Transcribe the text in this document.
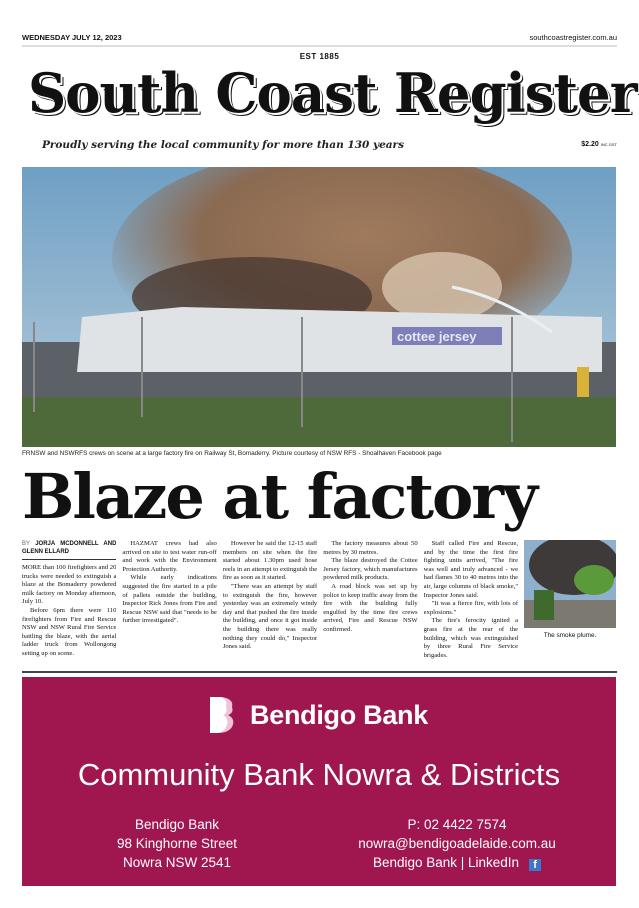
WEDNESDAY JULY 12, 2023	southcoastregister.com.au
EST 1885
South Coast Register
Proudly serving the local community for more than 130 years	$2.20 INC GST
cottee jersey
FRNSW and NSWRFS crews on scene at a large factory fire on Railway St, Bomaderry. Picture courtesy of NSW RFS - Shoalhaven Facebook page
Blaze at factory
BY JORJA MCDONNELL AND GLENN ELLARD

MORE than 100 firefighters and 20 trucks were needed to extinguish a blaze at the Bomaderry powdered milk factory on Monday afternoon, July 10.

Before 6pm there were 110 firefighters from Fire and Rescue NSW and NSW Rural Fire Service battling the blaze, with the aerial ladder truck from Wollongong setting up on scene.

HAZMAT crews had also arrived on site to test water run-off and work with the Environment Protection Authority.

While early indications suggested the fire started in a pile of pallets outside the building, Inspector Rick Jones from Fire and Rescue NSW said that "needs to be further investigated".

However he said the 12-15 staff members on site when the fire started about 1.30pm used hose reels in an attempt to extinguish the fire as soon as it started.

"There was an attempt by staff to extinguish the fire, however yesterday was an extremely windy day and that pushed the fire inside the building, and once it got inside the building there was really nothing they could do," Inspector Jones said.

The factory measures about 50 metres by 30 metres.

The blaze destroyed the Cottee Jersey factory, which manufactures powdered milk products.

A road block was set up by police to keep traffic away from the fire with the building fully engulfed by the time fire crews arrived, Fire and Rescue NSW confirmed.

Staff called Fire and Rescue, and by the time the first fire fighting units arrived, "The fire was well and truly advanced - we had flames 30 to 40 metres into the air, large columns of black smoke," Inspector Jones said.

"It was a fierce fire, with lots of explosions."

The fire's ferocity ignited a grass fire at the rear of the building, which was extinguished by three Rural Fire Service brigades.

The smoke plume.
Bendigo Bank
Community Bank Nowra & Districts
Bendigo Bank
98 Kinghorne Street
Nowra NSW 2541
P: 02 4422 7574
nowra@bendigoadelaide.com.au
Bendigo Bank | LinkedIn f
